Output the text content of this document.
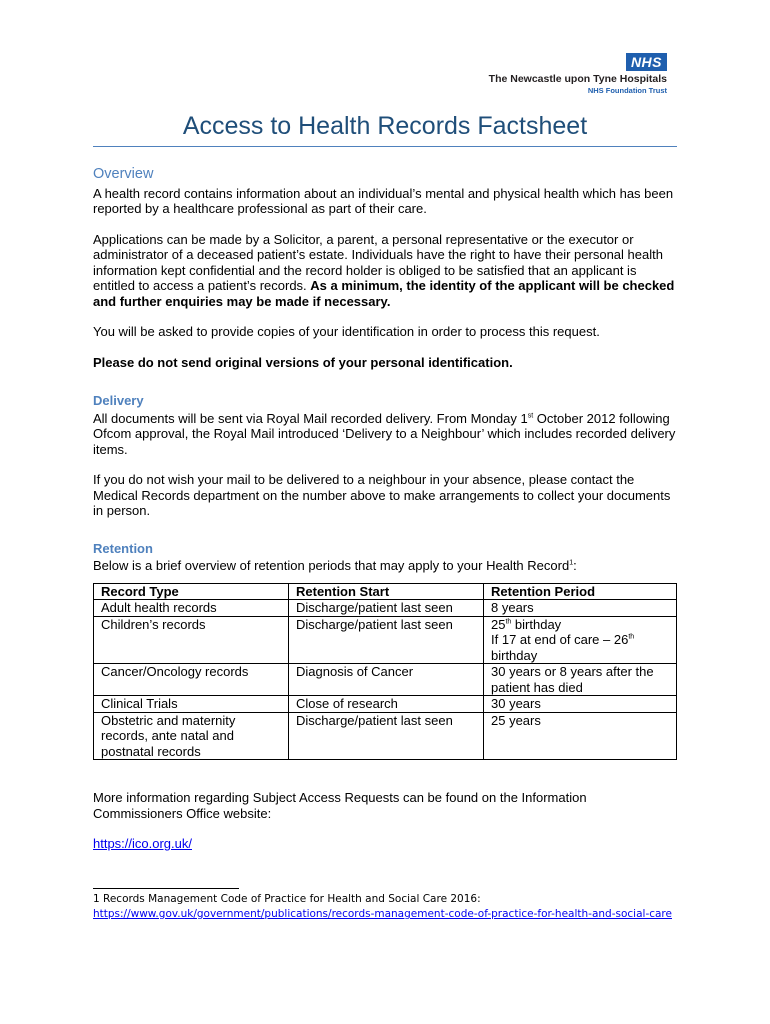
NHS
The Newcastle upon Tyne Hospitals
NHS Foundation Trust
Access to Health Records Factsheet
Overview

A health record contains information about an individual’s mental and physical health which has been reported by a healthcare professional as part of their care.

Applications can be made by a Solicitor, a parent, a personal representative or the executor or administrator of a deceased patient’s estate. Individuals have the right to have their personal health information kept confidential and the record holder is obliged to be satisfied that an applicant is entitled to access a patient’s records. As a minimum, the identity of the applicant will be checked and further enquiries may be made if necessary.

You will be asked to provide copies of your identification in order to process this request.

Please do not send original versions of your personal identification.

Delivery

All documents will be sent via Royal Mail recorded delivery. From Monday 1st October 2012 following Ofcom approval, the Royal Mail introduced ‘Delivery to a Neighbour’ which includes recorded delivery items.

If you do not wish your mail to be delivered to a neighbour in your absence, please contact the Medical Records department on the number above to make arrangements to collect your documents in person.

Retention
Below is a brief overview of retention periods that may apply to your Health Record$^1$:
Record Type	Retention Start	Retention Period
Adult health records	Discharge/patient last seen	8 years
Children’s records	Discharge/patient last seen	25th birthday
If 17 at end of care – 26th birthday
Cancer/Oncology records	Diagnosis of Cancer	30 years or 8 years after the patient has died
Clinical Trials	Close of research	30 years
Obstetric and maternity records, ante natal and postnatal records	Discharge/patient last seen	25 years

More information regarding Subject Access Requests can be found on the Information Commissioners Office website:

https://ico.org.uk/

1 Records Management Code of Practice for Health and Social Care 2016:
https://www.gov.uk/government/publications/records-management-code-of-practice-for-health-and-social-care
